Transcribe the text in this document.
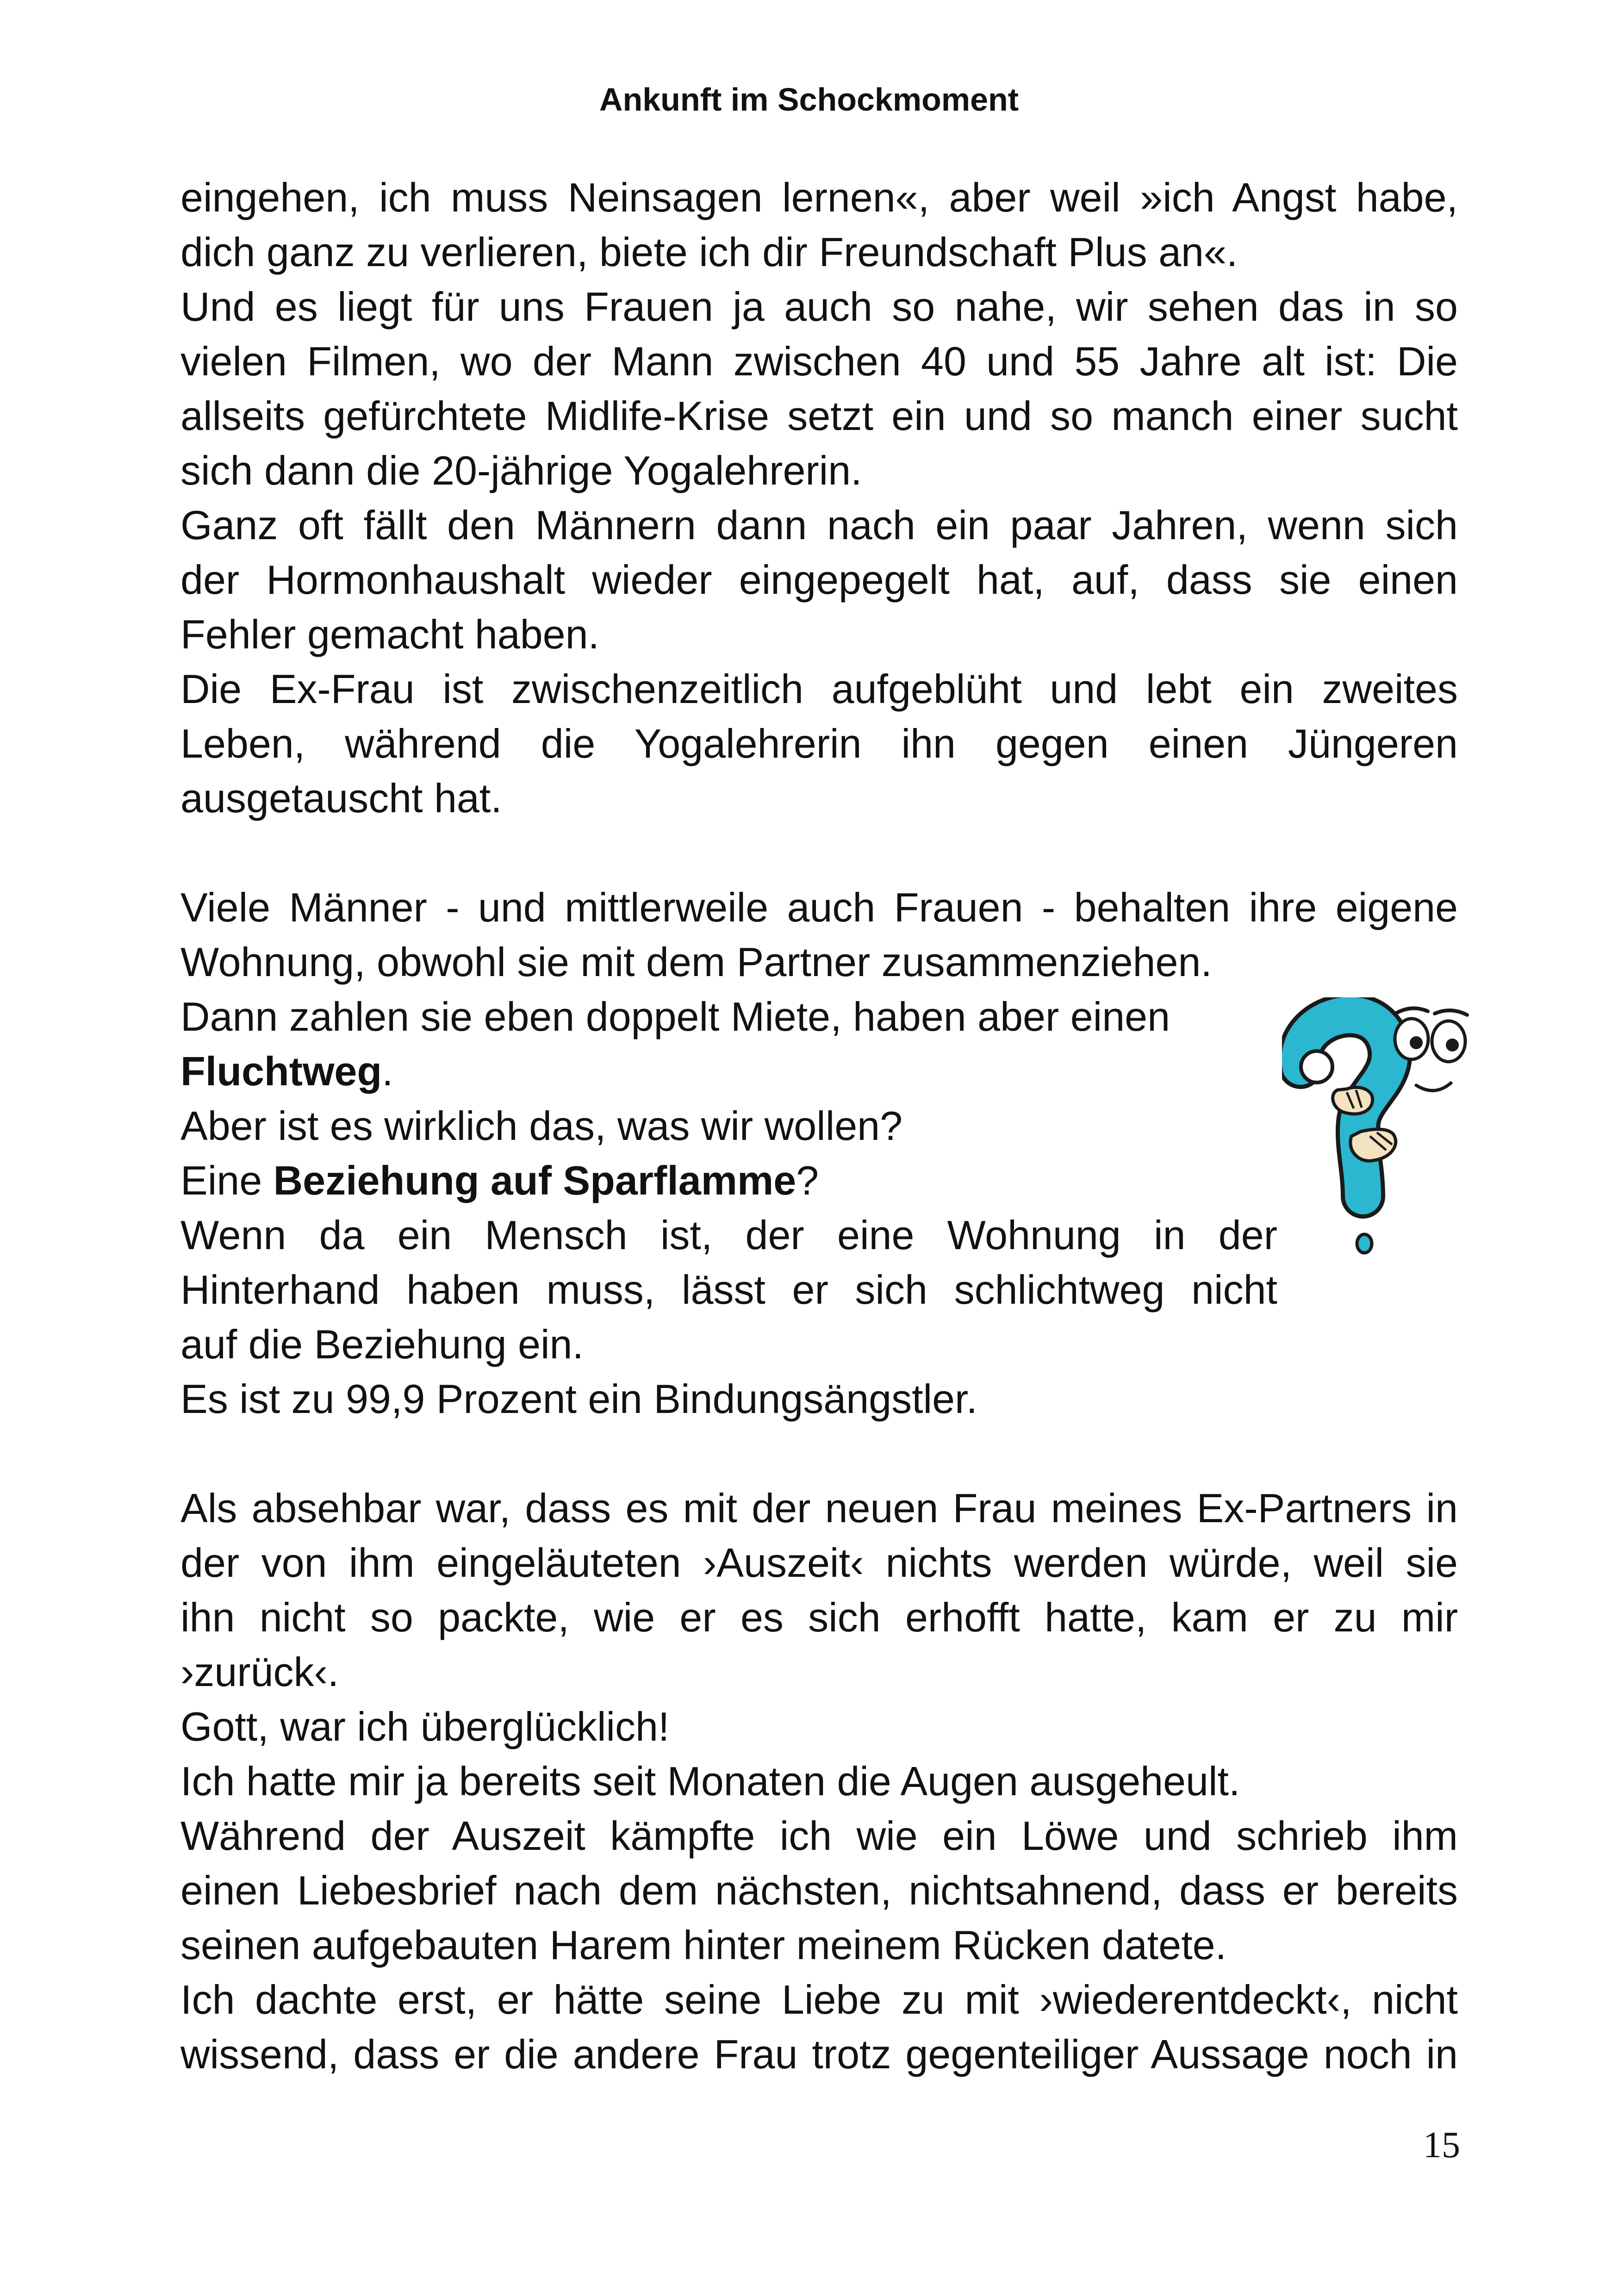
Ankunft im Schockmoment

eingehen, ich muss Neinsagen lernen«, aber weil »ich Angst habe,

dich ganz zu verlieren, biete ich dir Freundschaft Plus an«.

Und es liegt für uns Frauen ja auch so nahe, wir sehen das in so

vielen Filmen, wo der Mann zwischen 40 und 55 Jahre alt ist: Die

allseits gefürchtete Midlife-Krise setzt ein und so manch einer sucht

sich dann die 20-jährige Yogalehrerin.

Ganz oft fällt den Männern dann nach ein paar Jahren, wenn sich

der Hormonhaushalt wieder eingepegelt hat, auf, dass sie einen

Fehler gemacht haben.

Die Ex-Frau ist zwischenzeitlich aufgeblüht und lebt ein zweites

Leben, während die Yogalehrerin ihn gegen einen Jüngeren

ausgetauscht hat.

Viele Männer - und mittlerweile auch Frauen - behalten ihre eigene

Wohnung, obwohl sie mit dem Partner zusammenziehen.

Dann zahlen sie eben doppelt Miete, haben aber einen

Fluchtweg.

Aber ist es wirklich das, was wir wollen?

Eine Beziehung auf Sparflamme?

Wenn da ein Mensch ist, der eine Wohnung in der

Hinterhand haben muss, lässt er sich schlichtweg nicht

auf die Beziehung ein.

Es ist zu 99,9 Prozent ein Bindungsängstler.

Als absehbar war, dass es mit der neuen Frau meines Ex-Partners in

der von ihm eingeläuteten ›Auszeit‹ nichts werden würde, weil sie

ihn nicht so packte, wie er es sich erhofft hatte, kam er zu mir

›zurück‹.

Gott, war ich überglücklich!

Ich hatte mir ja bereits seit Monaten die Augen ausgeheult.

Während der Auszeit kämpfte ich wie ein Löwe und schrieb ihm

einen Liebesbrief nach dem nächsten, nichtsahnend, dass er bereits

seinen aufgebauten Harem hinter meinem Rücken datete.

Ich dachte erst, er hätte seine Liebe zu mit ›wiederentdeckt‹, nicht

wissend, dass er die andere Frau trotz gegenteiliger Aussage noch in

15
